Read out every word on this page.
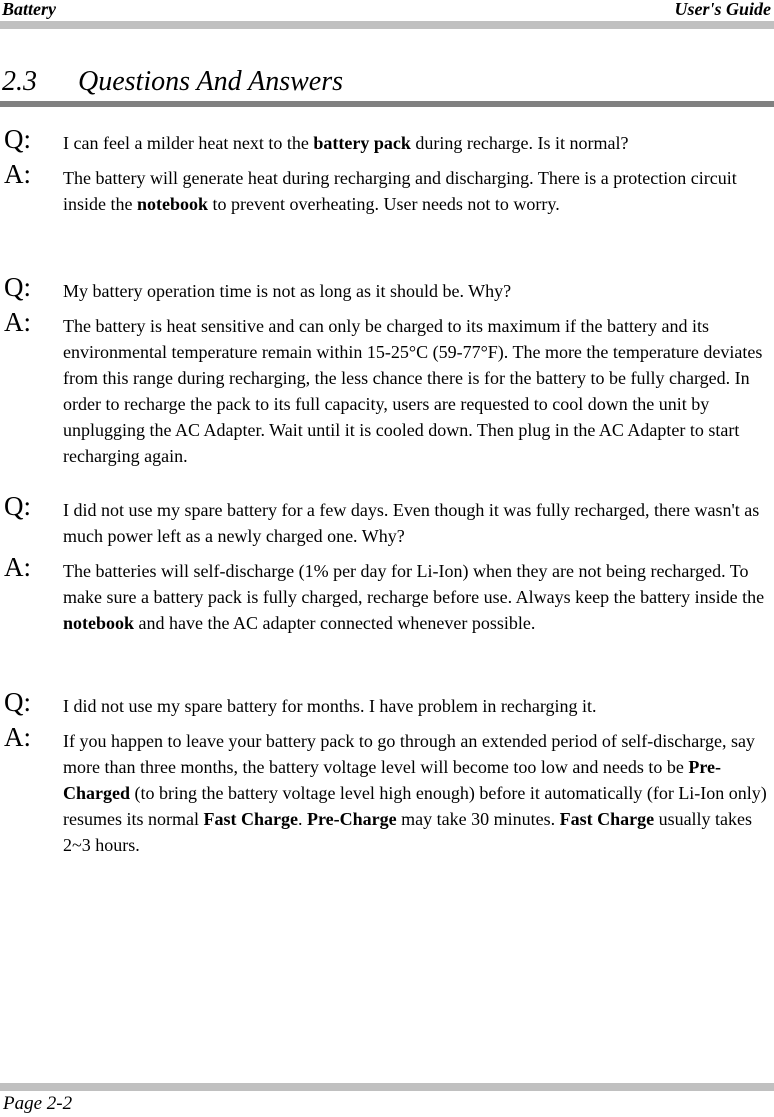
Battery	User's Guide
2.3 Questions And Answers
Q: I can feel a milder heat next to the battery pack during recharge. Is it normal?
A: The battery will generate heat during recharging and discharging. There is a protection circuit inside the notebook to prevent overheating. User needs not to worry.
Q: My battery operation time is not as long as it should be. Why?
A: The battery is heat sensitive and can only be charged to its maximum if the battery and its environmental temperature remain within 15-25°C (59-77°F). The more the temperature deviates from this range during recharging, the less chance there is for the battery to be fully charged. In order to recharge the pack to its full capacity, users are requested to cool down the unit by unplugging the AC Adapter. Wait until it is cooled down. Then plug in the AC Adapter to start recharging again.
Q: I did not use my spare battery for a few days. Even though it was fully recharged, there wasn't as much power left as a newly charged one. Why?
A: The batteries will self-discharge (1% per day for Li-Ion) when they are not being recharged. To make sure a battery pack is fully charged, recharge before use. Always keep the battery inside the notebook and have the AC adapter connected whenever possible.
Q: I did not use my spare battery for months. I have problem in recharging it.
A: If you happen to leave your battery pack to go through an extended period of self-discharge, say more than three months, the battery voltage level will become too low and needs to be Pre-Charged (to bring the battery voltage level high enough) before it automatically (for Li-Ion only) resumes its normal Fast Charge. Pre-Charge may take 30 minutes. Fast Charge usually takes 2~3 hours.
Page 2-2
